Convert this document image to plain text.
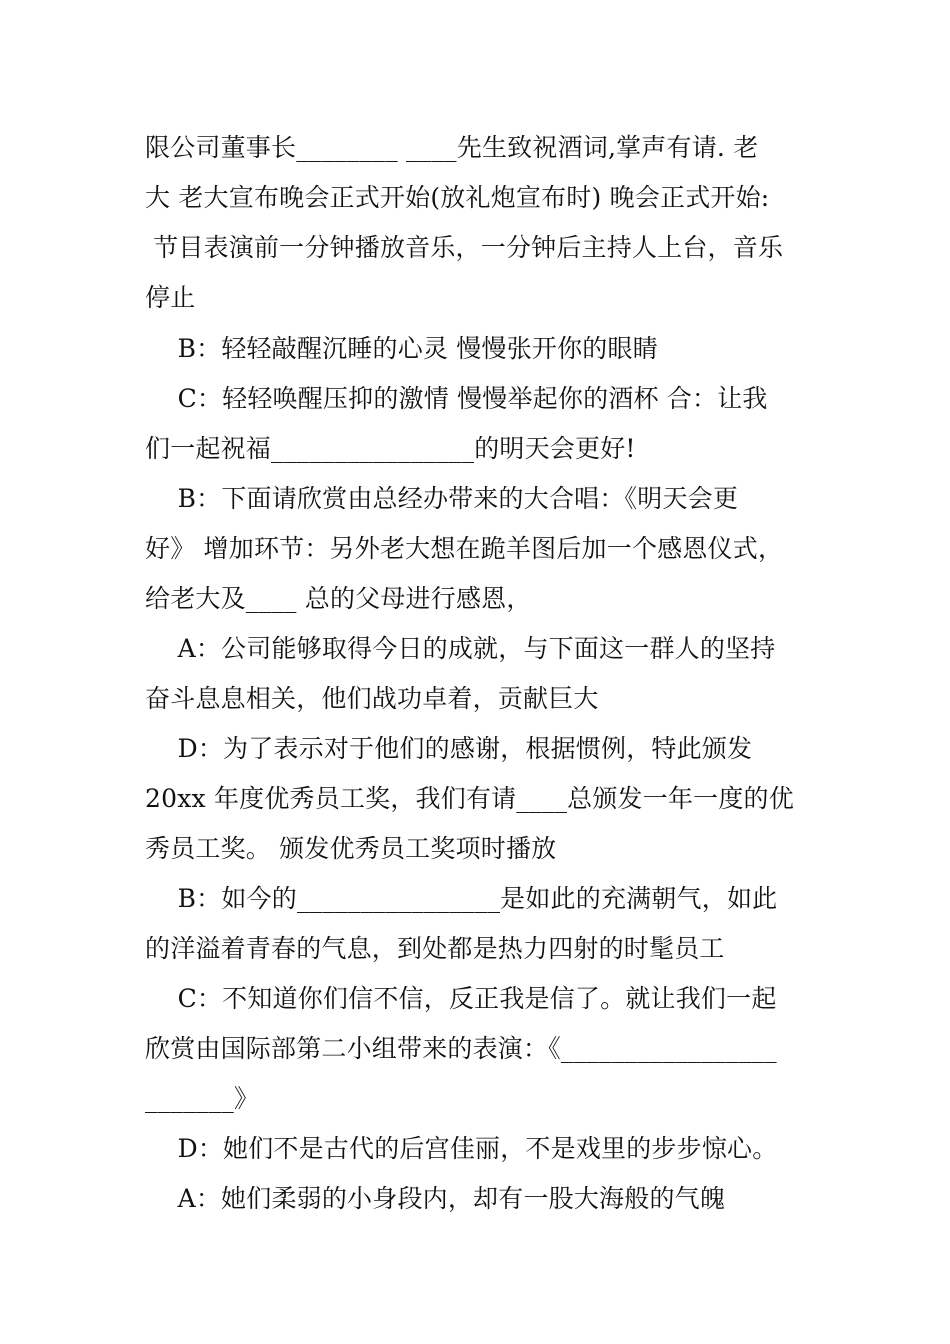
限公司董事长________ ____先生致祝酒词,掌声有请. 老
大 老大宣布晚会正式开始(放礼炮宣布时) 晚会正式开始:
节目表演前一分钟播放音乐，一分钟后主持人上台，音乐
停止
B：轻轻敲醒沉睡的心灵 慢慢张开你的眼睛
C：轻轻唤醒压抑的激情 慢慢举起你的酒杯 合：让我
们一起祝福________________的明天会更好!
B：下面请欣赏由总经办带来的大合唱：《明天会更
好》 增加环节：另外老大想在跪羊图后加一个感恩仪式，
给老大及____ 总的父母进行感恩，
A：公司能够取得今日的成就，与下面这一群人的坚持
奋斗息息相关，他们战功卓着，贡献巨大
D：为了表示对于他们的感谢，根据惯例，特此颁发
20xx 年度优秀员工奖，我们有请____总颁发一年一度的优
秀员工奖。 颁发优秀员工奖项时播放
B：如今的________________是如此的充满朝气，如此
的洋溢着青春的气息，到处都是热力四射的时髦员工
C：不知道你们信不信，反正我是信了。就让我们一起
欣赏由国际部第二小组带来的表演：《_________________
_______》
D：她们不是古代的后宫佳丽，不是戏里的步步惊心。
A：她们柔弱的小身段内，却有一股大海般的气魄
